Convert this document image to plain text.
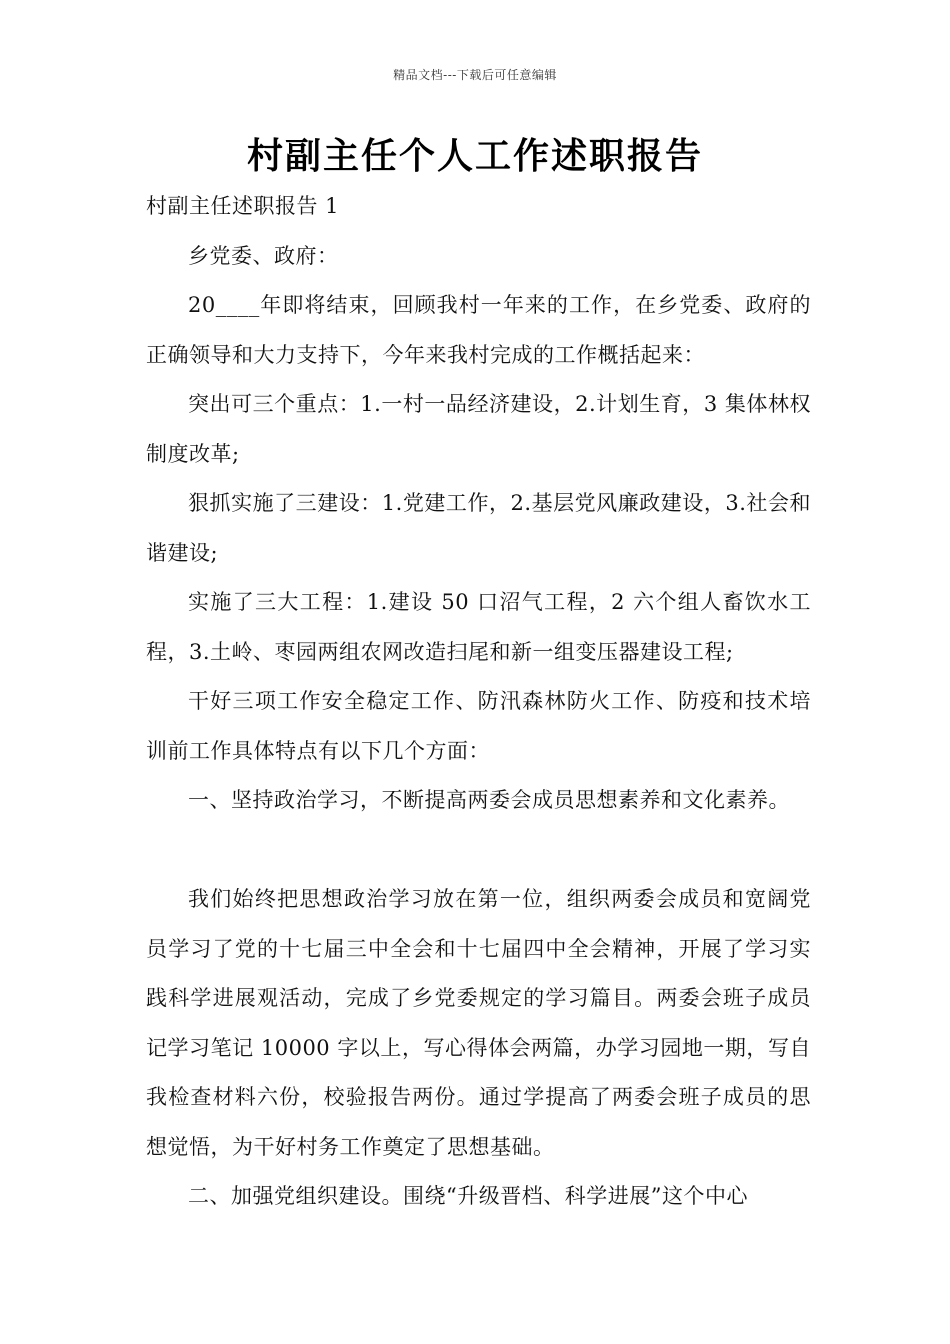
精品文档---下载后可任意编辑
村副主任个人工作述职报告

村副主任述职报告 1

乡党委、政府：

20____年即将结束，回顾我村一年来的工作，在乡党委、政府的正确领导和大力支持下，今年来我村完成的工作概括起来：

突出可三个重点：1.一村一品经济建设，2.计划生育，3 集体林权制度改革;

狠抓实施了三建设：1.党建工作，2.基层党风廉政建设，3.社会和谐建设;

实施了三大工程：1.建设 50 口沼气工程，2 六个组人畜饮水工程，3.土岭、枣园两组农网改造扫尾和新一组变压器建设工程;

干好三项工作安全稳定工作、防汛森林防火工作、防疫和技术培训前工作具体特点有以下几个方面：

一、坚持政治学习，不断提高两委会成员思想素养和文化素养。

我们始终把思想政治学习放在第一位，组织两委会成员和宽阔党员学习了党的十七届三中全会和十七届四中全会精神，开展了学习实践科学进展观活动，完成了乡党委规定的学习篇目。两委会班子成员记学习笔记 10000 字以上，写心得体会两篇，办学习园地一期，写自我检查材料六份，校验报告两份。通过学提高了两委会班子成员的思想觉悟，为干好村务工作奠定了思想基础。

二、加强党组织建设。围绕“升级晋档、科学进展”这个中心
